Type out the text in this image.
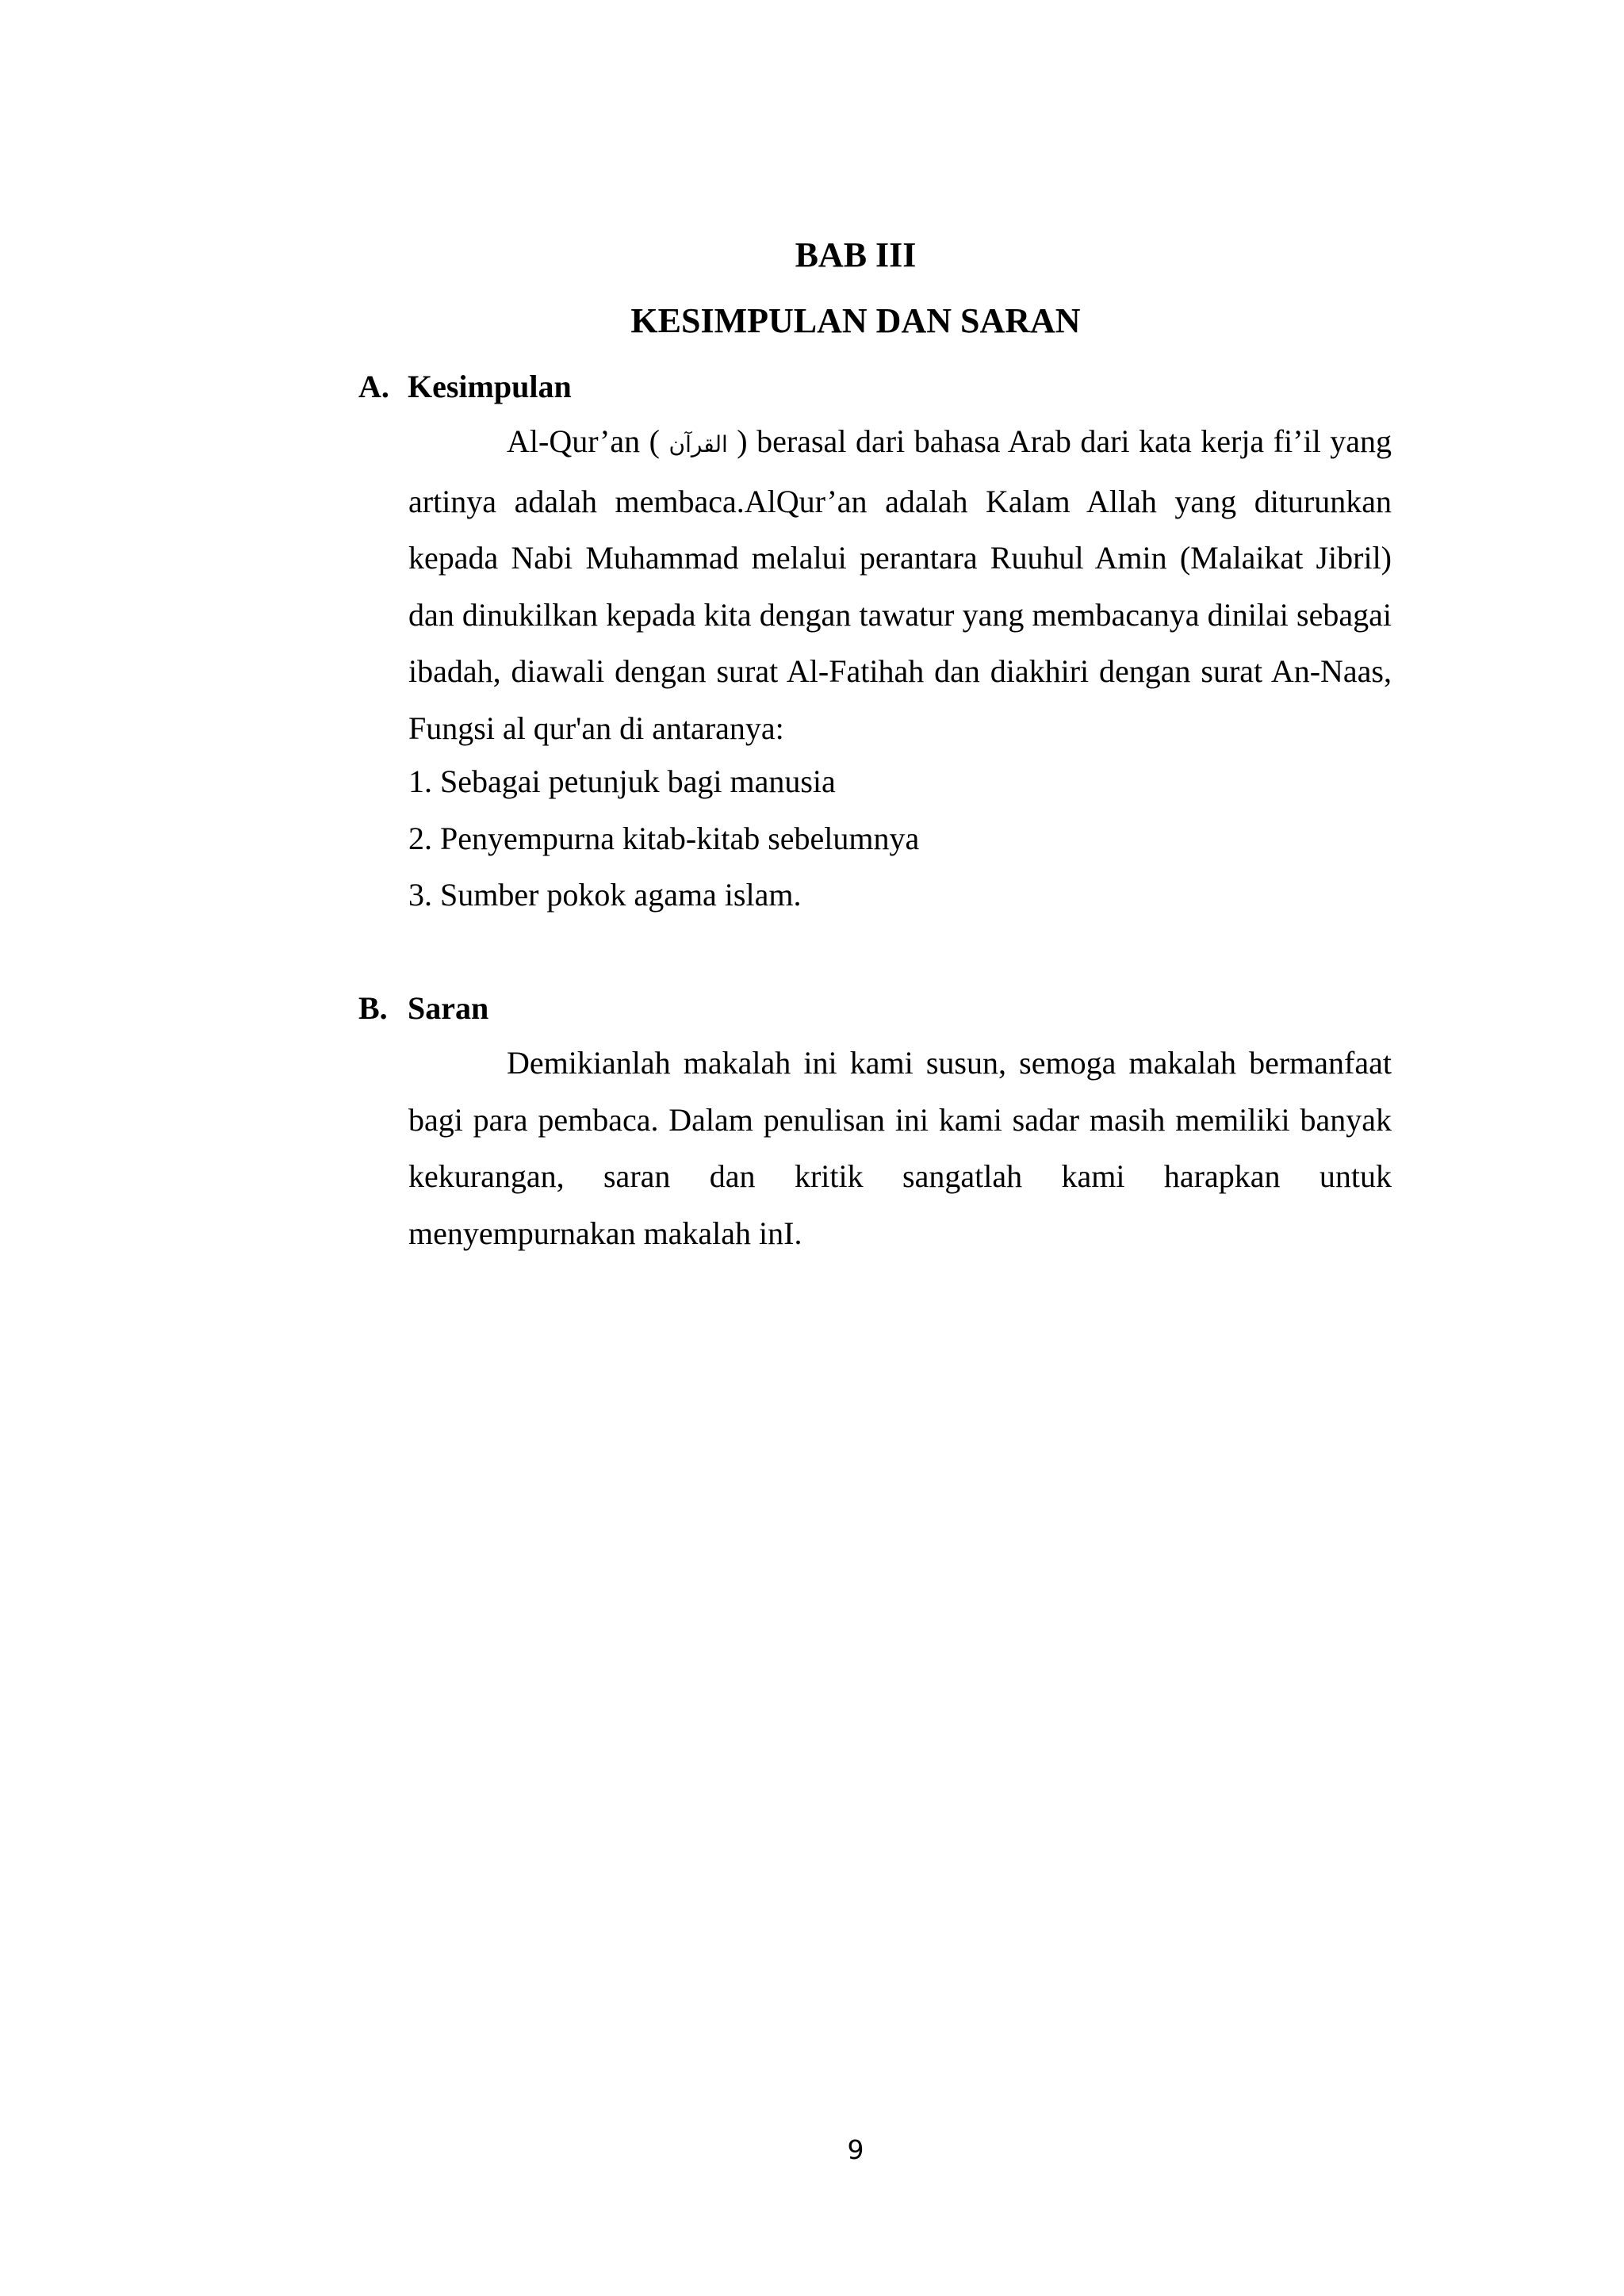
BAB III
KESIMPULAN DAN SARAN
A. Kesimpulan

Al-Qur’an ( القرآن ) berasal dari bahasa Arab dari kata kerja fi’il yang artinya adalah membaca.AlQur’an adalah Kalam Allah yang diturunkan kepada Nabi Muhammad melalui perantara Ruuhul Amin (Malaikat Jibril) dan dinukilkan kepada kita dengan tawatur yang membacanya dinilai sebagai ibadah, diawali dengan surat Al-Fatihah dan diakhiri dengan surat An-Naas, Fungsi al qur'an di antaranya:

1. Sebagai petunjuk bagi manusia
2. Penyempurna kitab-kitab sebelumnya
3. Sumber pokok agama islam.
B. Saran

Demikianlah makalah ini kami susun, semoga makalah bermanfaat bagi para pembaca. Dalam penulisan ini kami sadar masih memiliki banyak kekurangan, saran dan kritik sangatlah kami harapkan untuk menyempurnakan makalah inI.

9
